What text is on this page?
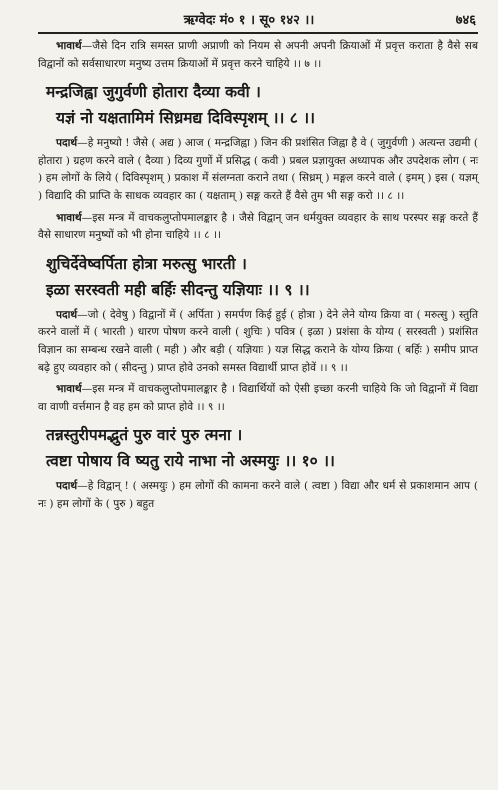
ऋग्वेदः मं० १ । सू० १४२ ।।	७४६

भावार्थ—जैसे दिन रात्रि समस्त प्राणी अप्राणी को नियम से अपनी अपनी क्रियाओं में प्रवृत्त कराता है वैसे सब विद्वानों को सर्वसाधारण मनुष्य उत्तम क्रियाओं में प्रवृत्त करने चाहिये ।। ७ ।।

मन्द्रजिह्वा जुगुर्वणी होतारा दैव्या कवी ।

यज्ञं नो यक्षतामिमं सिध्रमद्य दिविस्पृशम् ।। ८ ।।

पदार्थ—हे मनुष्यो ! जैसे ( अद्य ) आज ( मन्द्रजिह्वा ) जिन की प्रशंसित जिह्वा है वे ( जुगुर्वणी ) अत्यन्त उद्यमी ( होतारा ) ग्रहण करने वाले ( दैव्या ) दिव्य गुणों में प्रसिद्ध ( कवी ) प्रबल प्रज्ञायुक्त अध्यापक और उपदेशक लोग ( नः ) हम लोगों के लिये ( दिविस्पृशम् ) प्रकाश में संलग्नता कराने तथा ( सिध्रम् ) मङ्गल करने वाले ( इमम् ) इस ( यज्ञम् ) विद्यादि की प्राप्ति के साधक व्यवहार का ( यक्षताम् ) सङ्ग करते हैं वैसे तुम भी सङ्ग करो ।। ८ ।।

भावार्थ—इस मन्त्र में वाचकलुप्तोपमालङ्कार है । जैसे विद्वान् जन धर्मयुक्त व्यवहार के साथ परस्पर सङ्ग करते हैं वैसे साधारण मनुष्यों को भी होना चाहिये ।। ८ ।।

शुचिर्देवेष्वर्पिता होत्रा मरुत्सु भारती ।

इळा सरस्वती मही बर्हिः सीदन्तु यज्ञियाः ।। ९ ।।

पदार्थ—जो ( देवेषु ) विद्वानों में ( अर्पिता ) समर्पण किई हुई ( होत्रा ) देने लेने योग्य क्रिया वा ( मरुत्सु ) स्तुति करने वालों में ( भारती ) धारण पोषण करने वाली ( शुचिः ) पवित्र ( इळा ) प्रशंसा के योग्य ( सरस्वती ) प्रशंसित विज्ञान का सम्बन्ध रखने वाली ( मही ) और बड़ी ( यज्ञियाः ) यज्ञ सिद्ध कराने के योग्य क्रिया ( बर्हिः ) समीप प्राप्त बढ़े हुए व्यवहार को ( सीदन्तु ) प्राप्त होवे उनको समस्त विद्यार्थी प्राप्त होवें ।। ९ ।।

भावार्थ—इस मन्त्र में वाचकलुप्तोपमालङ्कार है । विद्यार्थियों को ऐसी इच्छा करनी चाहिये कि जो विद्वानों में विद्या वा वाणी वर्त्तमान है वह हम को प्राप्त होवे ।। ९ ।।

तन्नस्तुरीपमद्भुतं पुरु वारं पुरु त्मना ।

त्वष्टा पोषाय वि ष्यतु राये नाभा नो अस्मयुः ।। १० ।।

पदार्थ—हे विद्वान् ! ( अस्मयुः ) हम लोगों की कामना करने वाले ( त्वष्टा ) विद्या और धर्म से प्रकाशमान आप ( नः ) हम लोगों के ( पुरु ) बहुत
